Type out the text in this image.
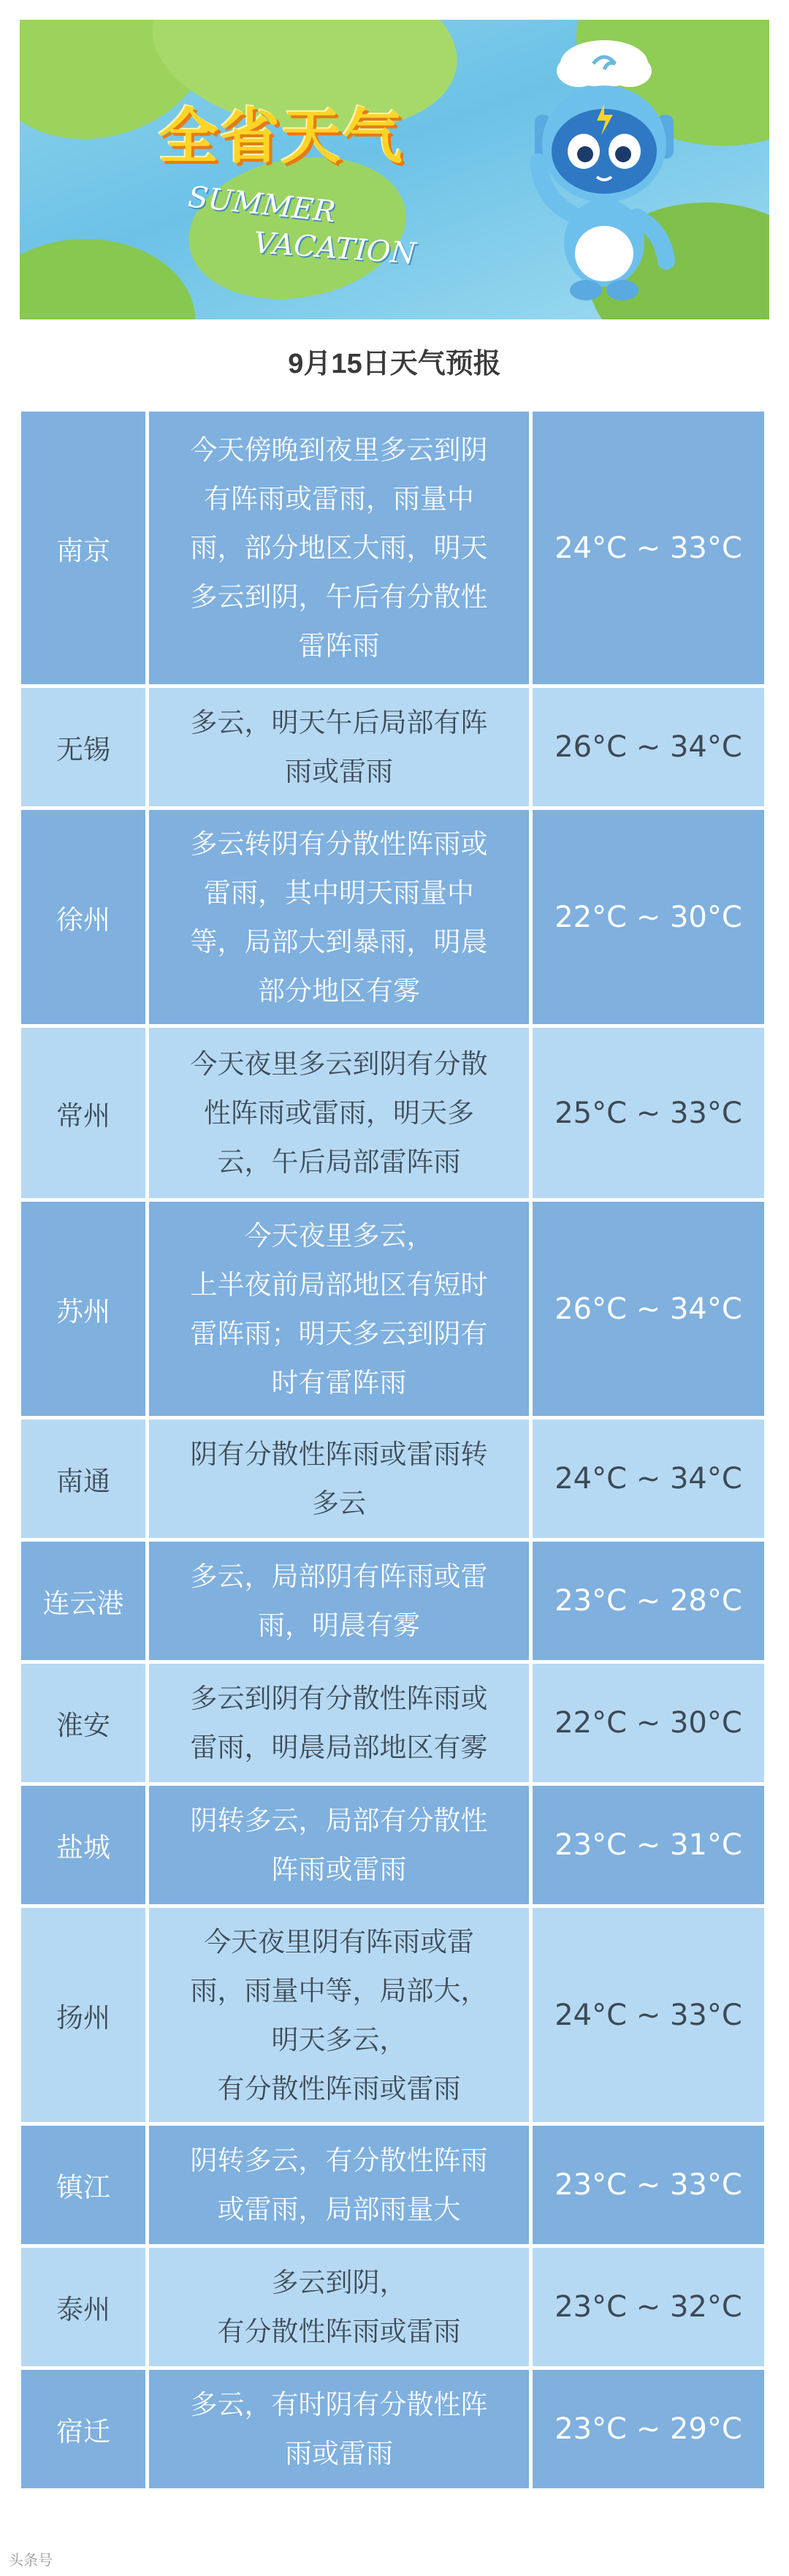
全省天气
SUMMER
VACATION
9月15日天气预报
南京
今天傍晚到夜里多云到阴
有阵雨或雷雨，雨量中
雨，部分地区大雨，明天
多云到阴，午后有分散性
雷阵雨
24°C ~ 33°C
无锡
多云，明天午后局部有阵
雨或雷雨
26°C ~ 34°C
徐州
多云转阴有分散性阵雨或
雷雨，其中明天雨量中
等，局部大到暴雨，明晨
部分地区有雾
22°C ~ 30°C
常州
今天夜里多云到阴有分散
性阵雨或雷雨，明天多
云，午后局部雷阵雨
25°C ~ 33°C
苏州
今天夜里多云，
上半夜前局部地区有短时
雷阵雨；明天多云到阴有
时有雷阵雨
26°C ~ 34°C
南通
阴有分散性阵雨或雷雨转
多云
24°C ~ 34°C
连云港
多云，局部阴有阵雨或雷
雨，明晨有雾
23°C ~ 28°C
淮安
多云到阴有分散性阵雨或
雷雨，明晨局部地区有雾
22°C ~ 30°C
盐城
阴转多云，局部有分散性
阵雨或雷雨
23°C ~ 31°C
扬州
今天夜里阴有阵雨或雷
雨，雨量中等，局部大，
明天多云，
有分散性阵雨或雷雨
24°C ~ 33°C
镇江
阴转多云，有分散性阵雨
或雷雨，局部雨量大
23°C ~ 33°C
泰州
多云到阴，
有分散性阵雨或雷雨
23°C ~ 32°C
宿迁
多云，有时阴有分散性阵
雨或雷雨
23°C ~ 29°C
头条号
